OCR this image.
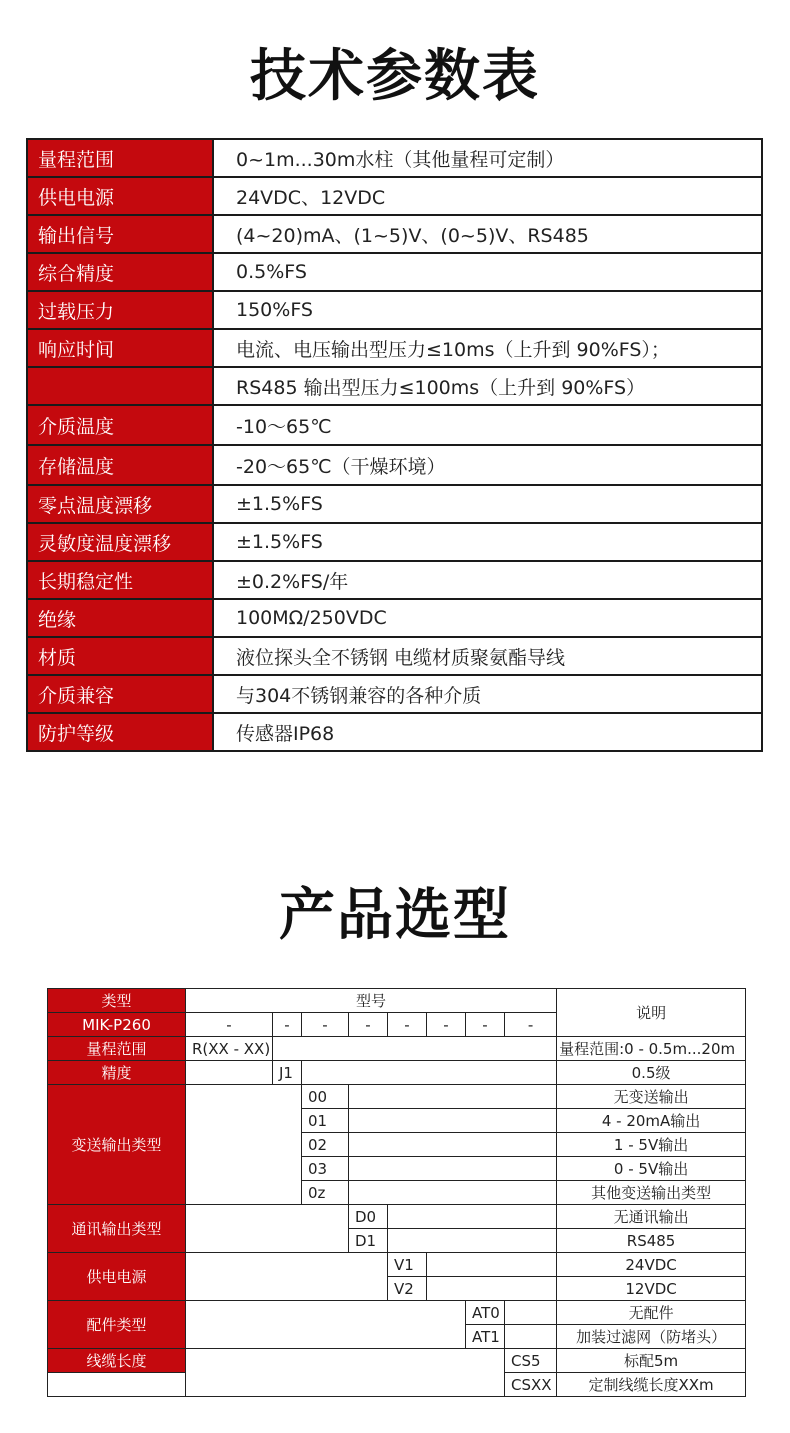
技术参数表
量程范围	0~1m...30m水柱（其他量程可定制）
供电电源	24VDC、12VDC
输出信号	(4~20)mA、(1~5)V、(0~5)V、RS485
综合精度	0.5%FS
过载压力	150%FS
响应时间	电流、电压输出型压力≤10ms（上升到 90%FS）；
	RS485 输出型压力≤100ms（上升到 90%FS）
介质温度	-10～65℃
存储温度	-20～65℃（干燥环境）
零点温度漂移	±1.5%FS
灵敏度温度漂移	±1.5%FS
长期稳定性	±0.2%FS/年
绝缘	100MΩ/250VDC
材质	液位探头全不锈钢 电缆材质聚氨酯导线
介质兼容	与304不锈钢兼容的各种介质
防护等级	传感器IP68
产品选型
类型	型号								说明
MIK-P260	-	-	-	-	-	-	-	-	
量程范围	R(XX - XX)								量程范围:0 - 0.5m...20m
精度		J1							0.5级
变送输出类型			00						无变送输出
			01						4 - 20mA输出
			02						1 - 5V输出
			03						0 - 5V输出
			0z						其他变送输出类型
通讯输出类型				D0					无通讯输出
				D1					RS485
供电电源					V1				24VDC
					V2				12VDC
配件类型							AT0		无配件
							AT1		加装过滤网（防堵头）
线缆长度								CS5	标配5m
								CSXX	定制线缆长度XXm
